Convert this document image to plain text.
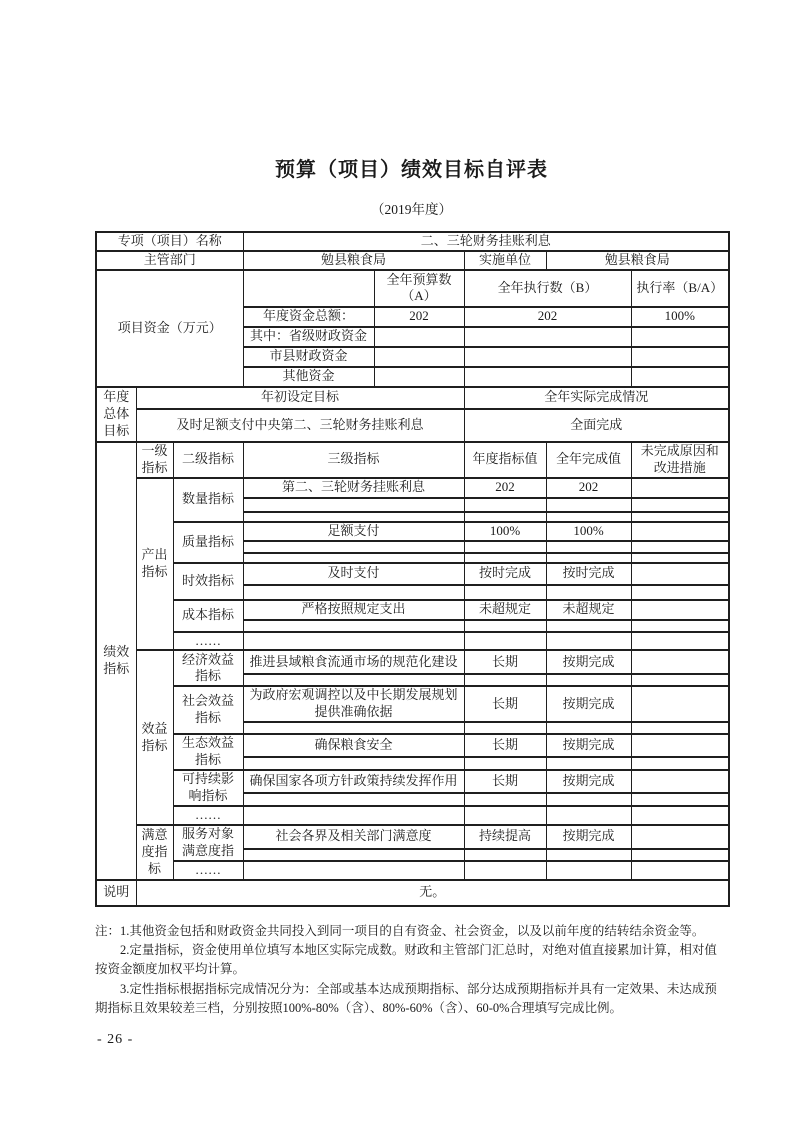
预算（项目）绩效目标自评表
（2019年度）
专项（项目）名称			二、三轮财务挂账利息				
主管部门			勉县粮食局		实施单位	勉县粮食局	
项目资金（万元）				全年预算数（A）	全年执行数（B）		执行率（B/A）
			年度资金总额：	202	202		100%
			其中：省级财政资金				
			市县财政资金				
			其他资金				
年度总体目标	年初设定目标				全年实际完成情况		
	及时足额支付中央第二、三轮财务挂账利息				全面完成		
绩效指标	一级指标	二级指标	三级指标		年度指标值	全年完成值	未完成原因和改进措施
	产出指标	数量指标	第二、三轮财务挂账利息		202	202	

		质量指标	足额支付		100%	100%	

		时效指标	及时支付		按时完成	按时完成	

		成本指标	严格按照规定支出		未超规定	未超规定	

		……					
	效益指标	经济效益指标	推进县域粮食流通市场的规范化建设		长期	按期完成	

		社会效益指标	为政府宏观调控以及中长期发展规划提供准确依据		长期	按期完成	

		生态效益指标	确保粮食安全		长期	按期完成	

		可持续影响指标	确保国家各项方针政策持续发挥作用		长期	按期完成	

		……					
	满意度指标	服务对象满意度指	社会各界及相关部门满意度		持续提高	按期完成	

		……					
说明	无。						

注：1.其他资金包括和财政资金共同投入到同一项目的自有资金、社会资金，以及以前年度的结转结余资金等。

2.定量指标，资金使用单位填写本地区实际完成数。财政和主管部门汇总时，对绝对值直接累加计算，相对值按资金额度加权平均计算。

3.定性指标根据指标完成情况分为：全部或基本达成预期指标、部分达成预期指标并具有一定效果、未达成预期指标且效果较差三档，分别按照100%-80%（含）、80%-60%（含）、60-0%合理填写完成比例。

- 26 -
